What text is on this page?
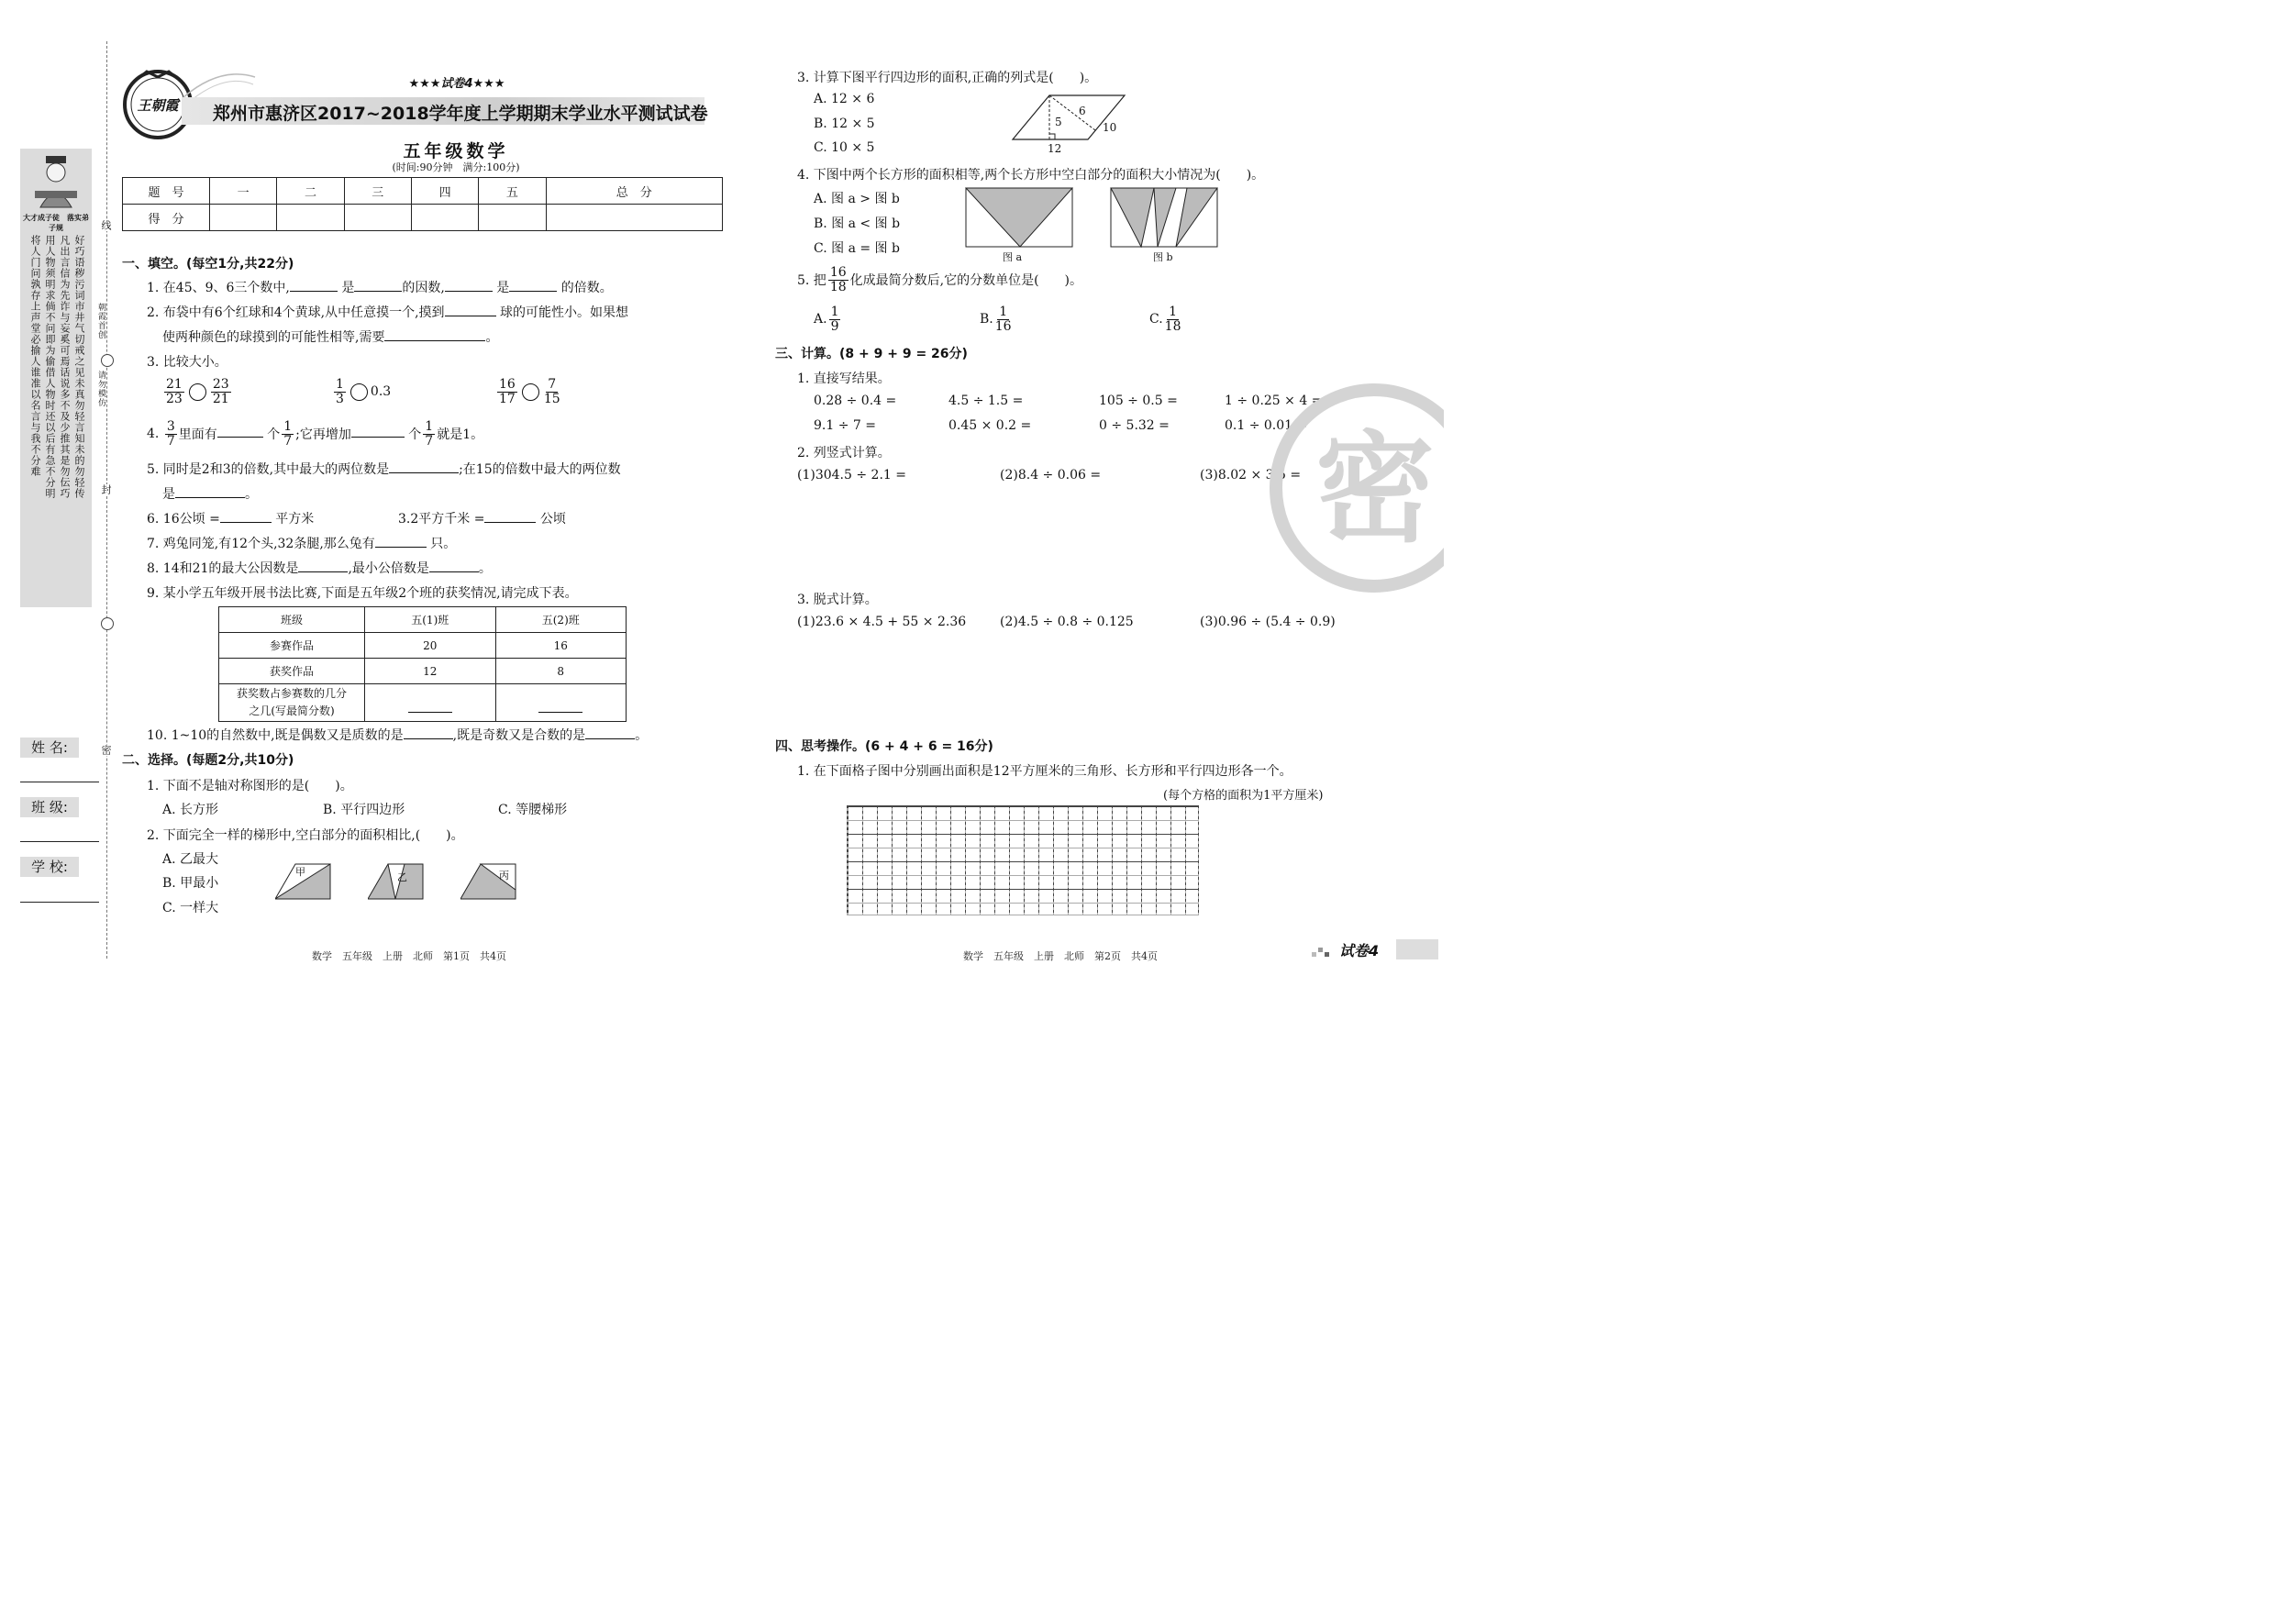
大才成子徒　落实弟子规
好巧语秽污词市井气切戒之见未真勿轻言知未的勿轻传
凡出言信为先诈与妄奚可焉话说多不及少推其是勿伝巧
用人物须明求倘不问即为偷借人物时还以后有急不分明
将人门问孰存上声堂必揄人谁准以名言与我不分难
线
朝霞首创
请勿模仿
封
密
姓 名:
班 级:
学 校:
王朝霞
★★★试卷4★★★
郑州市惠济区2017~2018学年度上学期期末学业水平测试试卷
五年级数学
(时间:90分钟　满分:100分)
题　号	一	二	三	四	五	总　分
得　分						
一、填空。(每空1分,共22分)
1. 在45、9、6三个数中,	是	的因数,	是	的倍数。
2. 布袋中有6个红球和4个黄球,从中任意摸一个,摸到	球的可能性小。如果想
使两种颜色的球摸到的可能性相等,需要	。
3. 比较大小。
$\frac{21}{23} \frac{23}{21}$	$\frac{1}{3} 0.3$	$\frac{16}{17} \frac{7}{15}$
4. $\frac{3}{7}$ 里面有	个 $\frac{1}{7}$ ;它再增加	个 $\frac{1}{7}$ 就是1。
5. 同时是2和3的倍数,其中最大的两位数是	;在15的倍数中最大的两位数
是	。
6. 16公顷 =	平方米	3.2平方千米 =	公顷
7. 鸡兔同笼,有12个头,32条腿,那么兔有	只。
8. 14和21的最大公因数是	,最小公倍数是	。
9. 某小学五年级开展书法比赛,下面是五年级2个班的获奖情况,请完成下表。
班级	五(1)班	五(2)班
参赛作品	20	16
获奖作品	12	8
获奖数占参赛数的几分
之几(写最简分数)		
10. 1~10的自然数中,既是偶数又是质数的是	,既是奇数又是合数的是	。
二、选择。(每题2分,共10分)
1. 下面不是轴对称图形的是(　　)。
A. 长方形	B. 平行四边形	C. 等腰梯形
2. 下面完全一样的梯形中,空白部分的面积相比,(　　)。
A. 乙最大
B. 甲最小
C. 一样大
甲	乙	丙
3. 计算下图平行四边形的面积,正确的列式是(　　)。
A. 12 × 6
B. 12 × 5
C. 10 × 5
5
6
10
12
4. 下图中两个长方形的面积相等,两个长方形中空白部分的面积大小情况为(　　)。
A. 图 a > 图 b
B. 图 a < 图 b
C. 图 a = 图 b
图 a	图 b
5. 把 $\frac{16}{18}$ 化成最简分数后,它的分数单位是(　　)。
A. $\frac{1}{9}$	B. $\frac{1}{16}$	C. $\frac{1}{18}$
三、计算。(8 + 9 + 9 = 26分)
1. 直接写结果。
0.28 ÷ 0.4 =	4.5 ÷ 1.5 =	105 ÷ 0.5 =	1 ÷ 0.25 × 4 =
9.1 ÷ 7 =	0.45 × 0.2 =	0 ÷ 5.32 =	0.1 ÷ 0.01 =
2. 列竖式计算。
(1)304.5 ÷ 2.1 =	(2)8.4 ÷ 0.06 =	(3)8.02 × 3.5 =
3. 脱式计算。
(1)23.6 × 4.5 + 55 × 2.36	(2)4.5 ÷ 0.8 ÷ 0.125	(3)0.96 ÷ (5.4 ÷ 0.9)
密
四、思考操作。(6 + 4 + 6 = 16分)
1. 在下面格子图中分别画出面积是12平方厘米的三角形、长方形和平行四边形各一个。
(每个方格的面积为1平方厘米)
数学　五年级　上册　北师　第1页　共4页	数学　五年级　上册　北师　第2页　共4页	试卷4
